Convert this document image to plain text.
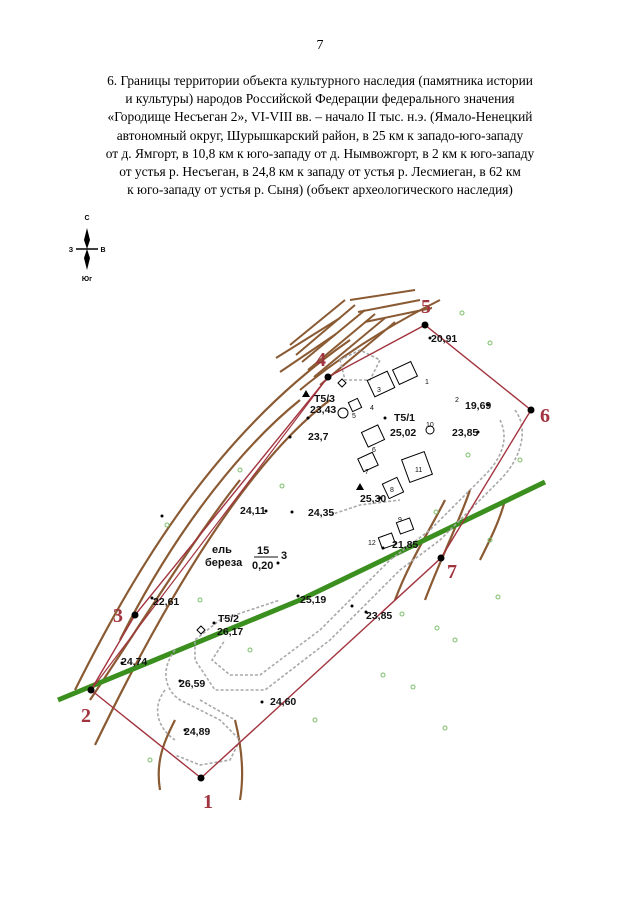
7
6. Границы территории объекта культурного наследия (памятника истории
и культуры) народов Российской Федерации федерального значения
«Городище Несъеган 2», VI-VIII вв. – начало II тыс. н.э. (Ямало-Ненецкий
автономный округ, Шурышкарский район, в 25 км к западо-юго-западу
от д. Ямгорт, в 10,8 км к юго-западу от д. Нымвожгорт, в 2 км к юго-западу
от устья р. Несъеган, в 24,8 км к западу от устья р. Лесмиеган, в 62 км
к юго-западу от устья р. Сыня) (объект археологического наследия)
С
З	В
Юг
1
2
3
4
5
6
7
20,91
19,69
23,85
23,43
23,7	25,02
25,30
24,11	24,35
21,85
22,61	25,19
23,85
26,17
24,74
26,59
24,60
24,89
Т5/3
Т5/1
Т5/2
1
2
3
4
5
6
7
8
9
10
11
12
ель
береза
15
0,20
3
